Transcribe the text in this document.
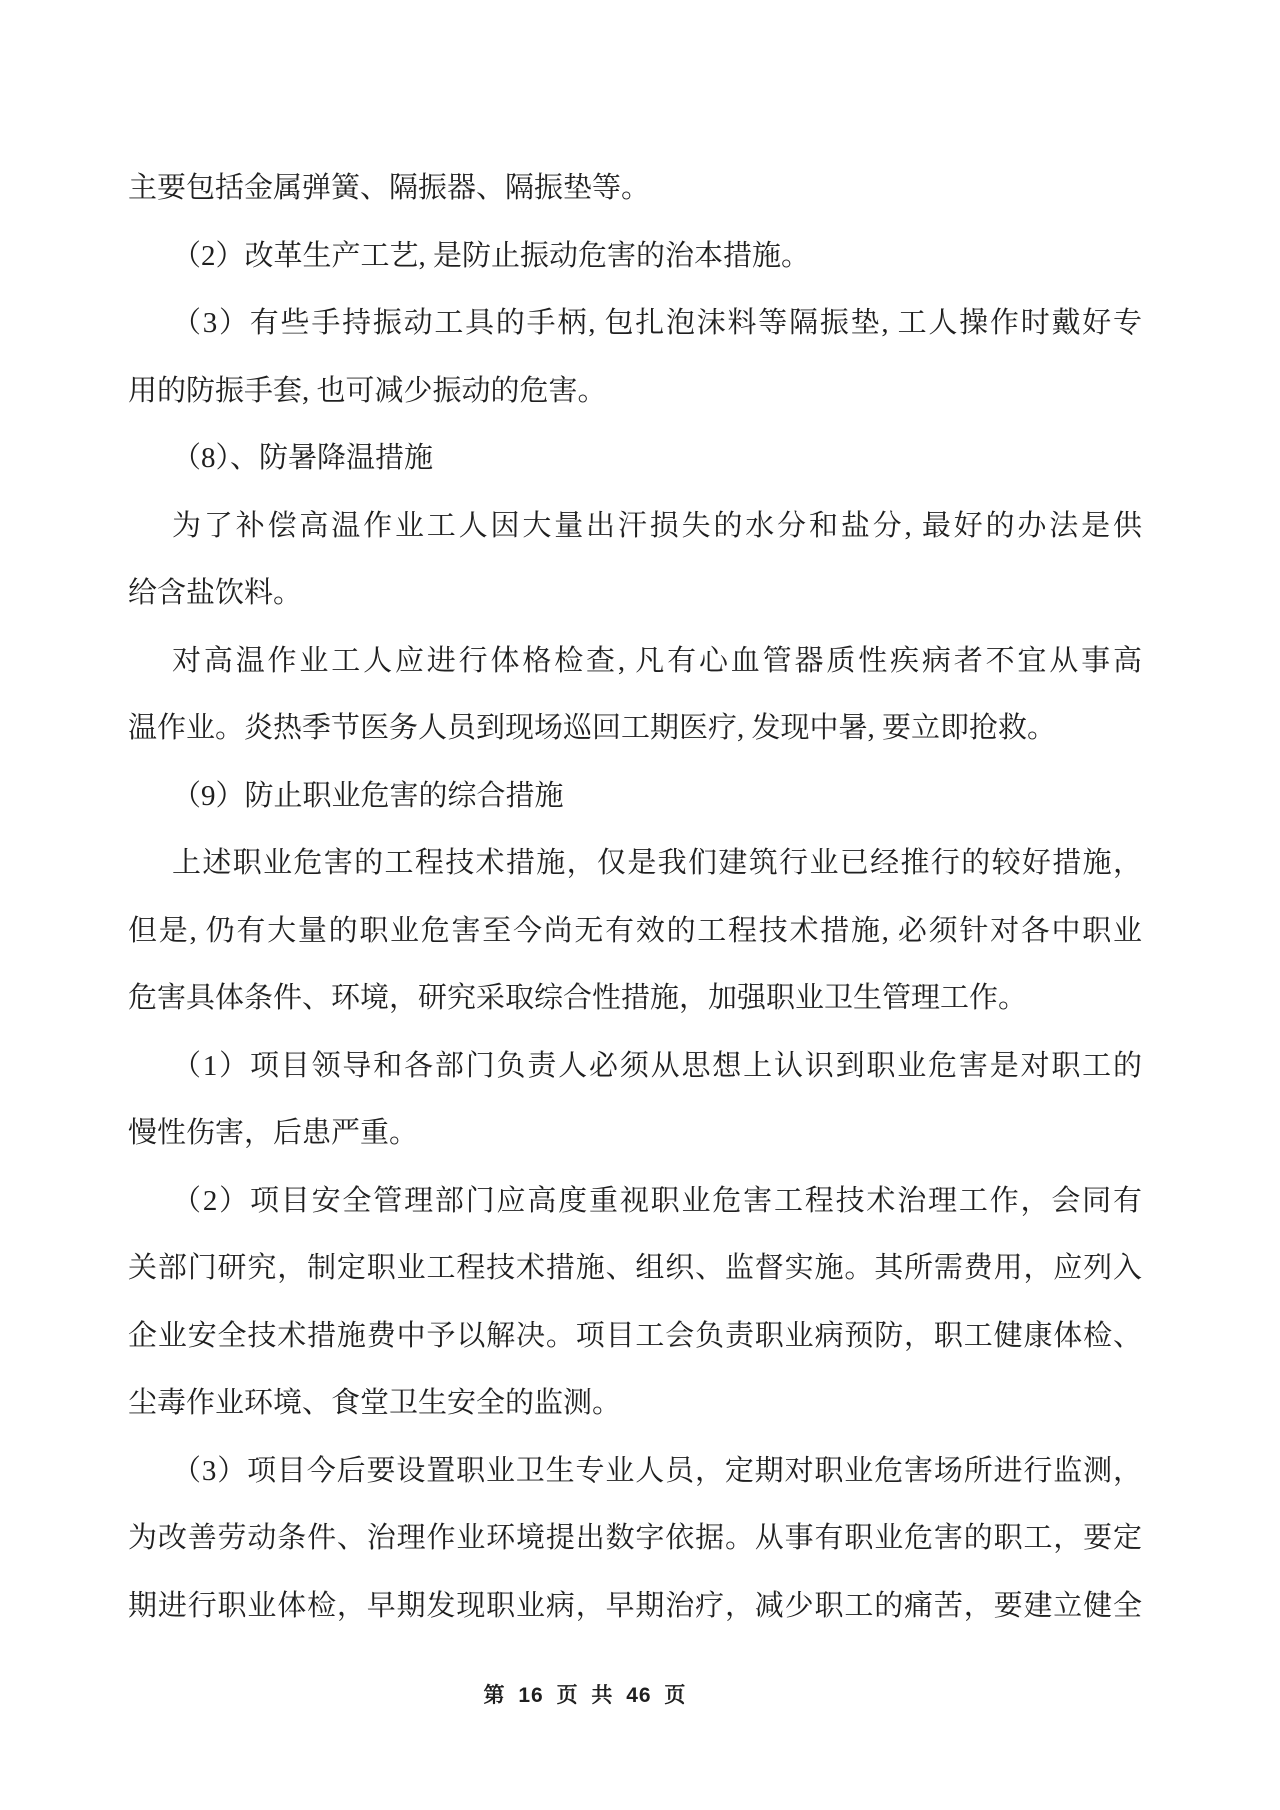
主要包括金属弹簧、隔振器、隔振垫等。
（2）改革生产工艺, 是防止振动危害的治本措施。
（3）有些手持振动工具的手柄, 包扎泡沫料等隔振垫, 工人操作时戴好专
用的防振手套, 也可减少振动的危害。
（8）、防暑降温措施
为了补偿高温作业工人因大量出汗损失的水分和盐分, 最好的办法是供
给含盐饮料。
对高温作业工人应进行体格检查, 凡有心血管器质性疾病者不宜从事高
温作业。炎热季节医务人员到现场巡回工期医疗, 发现中暑, 要立即抢救。
（9）防止职业危害的综合措施
上述职业危害的工程技术措施，仅是我们建筑行业已经推行的较好措施，
但是, 仍有大量的职业危害至今尚无有效的工程技术措施, 必须针对各中职业
危害具体条件、环境，研究采取综合性措施，加强职业卫生管理工作。
（1）项目领导和各部门负责人必须从思想上认识到职业危害是对职工的
慢性伤害，后患严重。
（2）项目安全管理部门应高度重视职业危害工程技术治理工作，会同有
关部门研究，制定职业工程技术措施、组织、监督实施。其所需费用，应列入
企业安全技术措施费中予以解决。项目工会负责职业病预防，职工健康体检、
尘毒作业环境、食堂卫生安全的监测。
（3）项目今后要设置职业卫生专业人员，定期对职业危害场所进行监测，
为改善劳动条件、治理作业环境提出数字依据。从事有职业危害的职工，要定
期进行职业体检，早期发现职业病，早期治疗，减少职工的痛苦，要建立健全
第 16 页 共 46 页
